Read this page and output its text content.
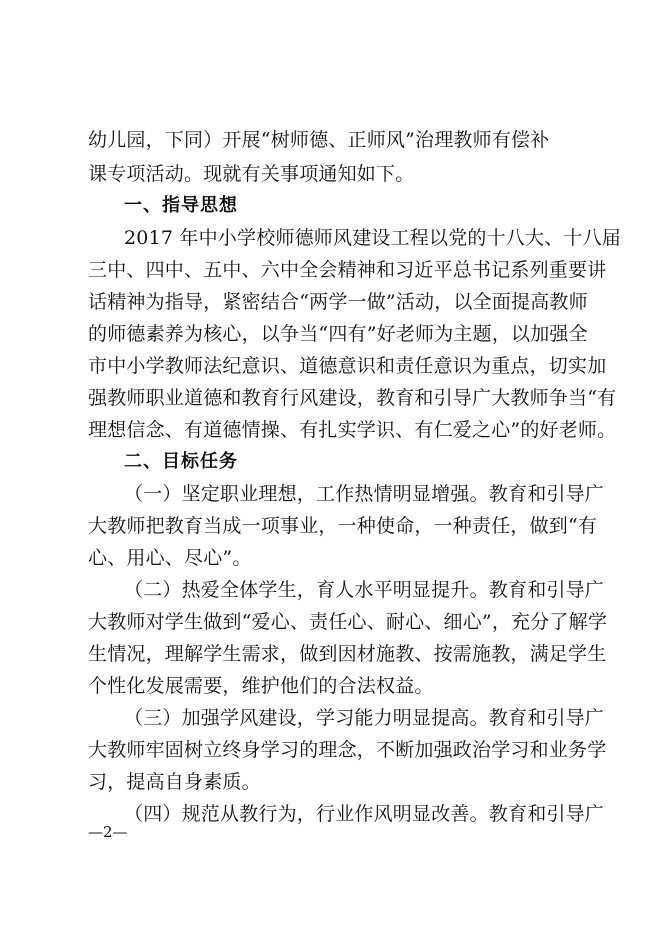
幼儿园，下同）开展“树师德、正师风”治理教师有偿补
课专项活动。现就有关事项通知如下。
一、指导思想
2017 年中小学校师德师风建设工程以党的十八大、十八届
三中、四中、五中、六中全会精神和习近平总书记系列重要讲
话精神为指导，紧密结合“两学一做”活动，以全面提高教师
的师德素养为核心，以争当“四有”好老师为主题，以加强全
市中小学教师法纪意识、道德意识和责任意识为重点，切实加
强教师职业道德和教育行风建设，教育和引导广大教师争当“有
理想信念、有道德情操、有扎实学识、有仁爱之心”的好老师。
二、目标任务
（一）坚定职业理想，工作热情明显增强。教育和引导广
大教师把教育当成一项事业，一种使命，一种责任，做到“有
心、用心、尽心”。
（二）热爱全体学生，育人水平明显提升。教育和引导广
大教师对学生做到“爱心、责任心、耐心、细心”，充分了解学
生情况，理解学生需求，做到因材施教、按需施教，满足学生
个性化发展需要，维护他们的合法权益。
（三）加强学风建设，学习能力明显提高。教育和引导广
大教师牢固树立终身学习的理念，不断加强政治学习和业务学
习，提高自身素质。
（四）规范从教行为，行业作风明显改善。教育和引导广
—2—
